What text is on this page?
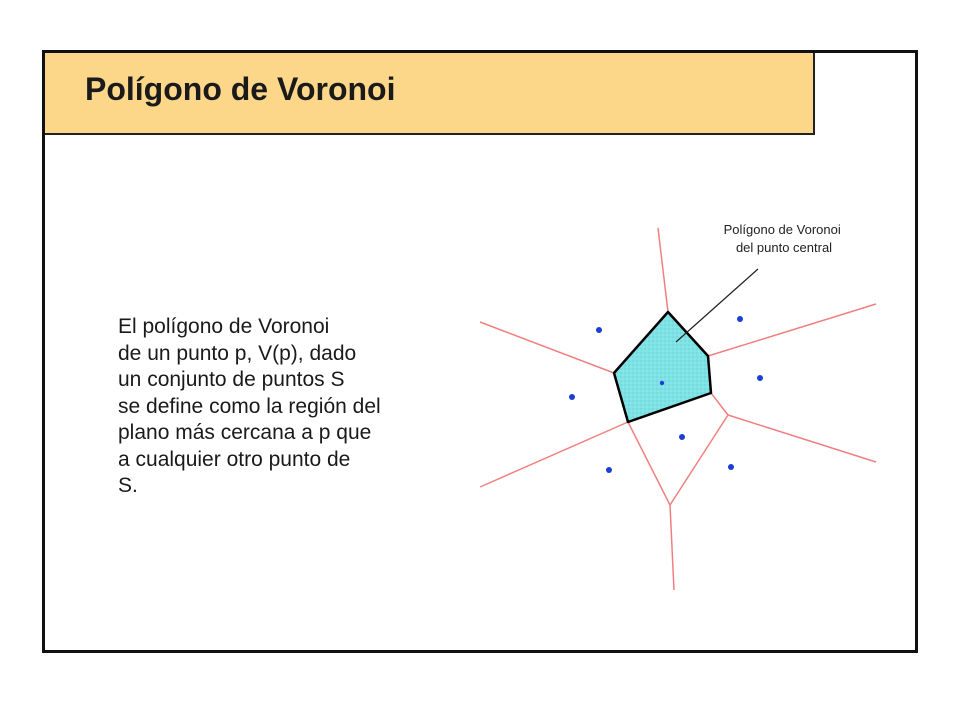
Polígono de Voronoi
El polígono de Voronoi
de un punto p, V(p), dado
un conjunto de puntos S
se define como la región del
plano más cercana a p que
a cualquier otro punto de
S.
Polígono de Voronoi del punto central
